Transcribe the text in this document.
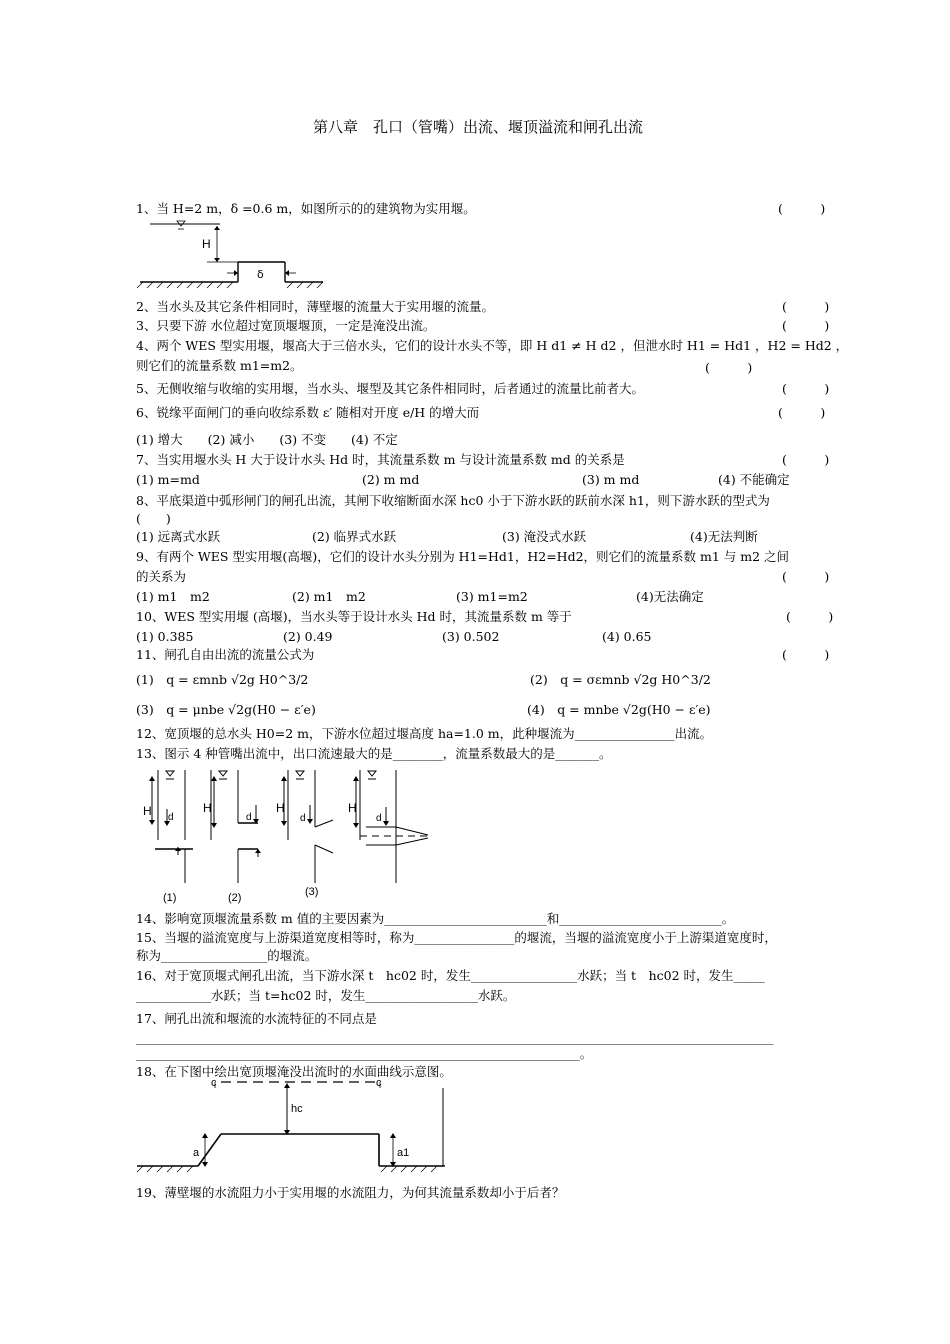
第八章　孔口（管嘴）出流、堰顶溢流和闸孔出流
1、当 H=2 m，δ =0.6 m，如图所示的的建筑物为实用堰。	(　　　)
H
δ
2、当水头及其它条件相同时，薄壁堰的流量大于实用堰的流量。	(　　　)
3、只要下游 水位超过宽顶堰堰顶，一定是淹没出流。	(　　　)
4、两个 WES 型实用堰，堰高大于三倍水头，它们的设计水头不等，即 H d1 ≠ H d2 ，但泄水时 H1 = Hd1 ，H2 = Hd2 ，
则它们的流量系数 m1=m2。	(　　　)
5、无侧收缩与收缩的实用堰，当水头、堰型及其它条件相同时，后者通过的流量比前者大。	(　　　)
6、锐缘平面闸门的垂向收综系数 ε′ 随相对开度 e/H 的增大而	(　　　)
(1) 增大　　(2) 减小　　(3) 不变　　(4) 不定
7、当实用堰水头 H 大于设计水头 Hd 时，其流量系数 m 与设计流量系数 md 的关系是	(　　　)
(1) m=md	(2) m md	(3) m md	(4) 不能确定
8、平底渠道中弧形闸门的闸孔出流，其闸下收缩断面水深 hc0 小于下游水跃的跃前水深 h1，则下游水跃的型式为
(　　)
(1) 远离式水跃	(2) 临界式水跃	(3) 淹没式水跃	(4)无法判断
9、有两个 WES 型实用堰(高堰)，它们的设计水头分别为 H1=Hd1，H2=Hd2，则它们的流量系数 m1 与 m2 之间
的关系为	(　　　)
(1) m1　m2	(2) m1　m2	(3) m1=m2	(4)无法确定
10、WES 型实用堰 (高堰)，当水头等于设计水头 Hd 时，其流量系数 m 等于	(　　　)
(1) 0.385	(2) 0.49	(3) 0.502	(4) 0.65
11、闸孔自由出流的流量公式为	(　　　)
(1)　q = εmnb √2g H0^3/2	(2)　q = σεmnb √2g H0^3/2
(3)　q = μnbe √2g(H0 − ε′e)	(4)　q = mnbe √2g(H0 − ε′e)
12、宽顶堰的总水头 H0=2 m，下游水位超过堰高度 ha=1.0 m，此种堰流为________________出流。
13、图示 4 种管嘴出流中，出口流速最大的是________，流量系数最大的是_______。
H d
H
d
H
d
H
d
(1)	(2)	(3)
14、影响宽顶堰流量系数 m 值的主要因素为__________________________和__________________________。
15、当堰的溢流宽度与上游渠道宽度相等时，称为________________的堰流，当堰的溢流宽度小于上游渠道宽度时，
称为_________________的堰流。
16、对于宽顶堰式闸孔出流，当下游水深 t　hc02 时，发生_________________水跃；当 t　hc02 时，发生_____
____________水跃；当 t=hc02 时，发生__________________水跃。
17、闸孔出流和堰流的水流特征的不同点是
______________________________________________________________________________________________________
_______________________________________________________________________。
18、在下图中绘出宽顶堰淹没出流时的水面曲线示意图。
c	c
hc
a	a1
19、薄壁堰的水流阻力小于实用堰的水流阻力，为何其流量系数却小于后者？
